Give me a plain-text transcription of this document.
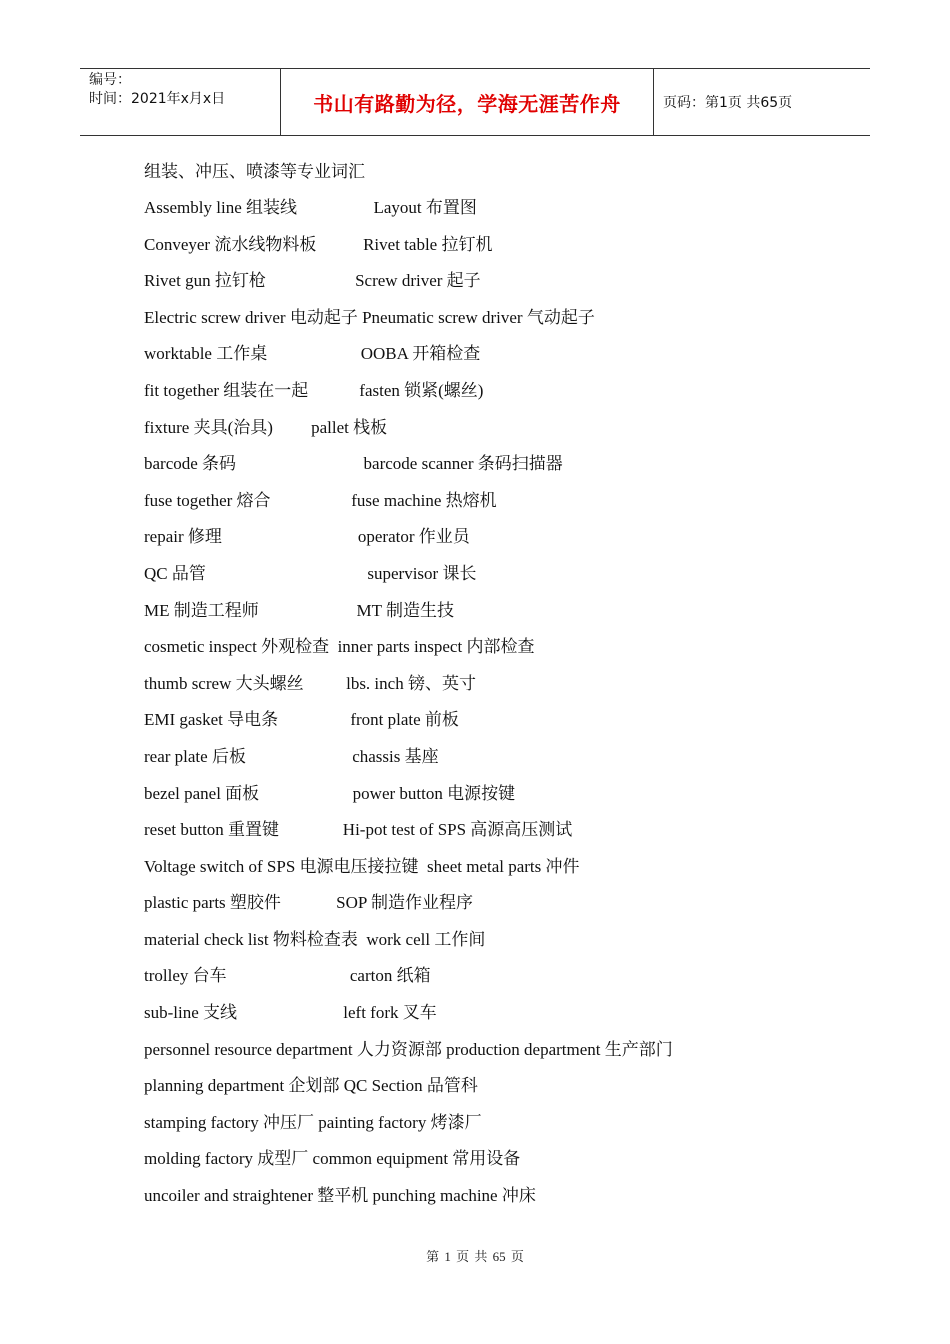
编号：
时间：2021年x月x日	书山有路勤为径，学海无涯苦作舟	页码：第1页 共65页
组装、冲压、喷漆等专业词汇
Assembly line 组装线                  Layout 布置图
Conveyer 流水线物料板           Rivet table 拉钉机
Rivet gun 拉钉枪                     Screw driver 起子
Electric screw driver 电动起子 Pneumatic screw driver 气动起子
worktable 工作桌                      OOBA 开箱检查
fit together 组装在一起            fasten 锁紧(螺丝)
fixture 夹具(治具)         pallet 栈板
barcode 条码                              barcode scanner 条码扫描器
fuse together 熔合                   fuse machine 热熔机
repair 修理                                operator 作业员
QC 品管                                      supervisor 课长
ME 制造工程师                       MT 制造生技
cosmetic inspect 外观检查  inner parts inspect 内部检查
thumb screw 大头螺丝          lbs. inch 镑、英寸
EMI gasket 导电条                 front plate 前板
rear plate 后板                         chassis 基座
bezel panel 面板                      power button 电源按键
reset button 重置键               Hi-pot test of SPS 高源高压测试
Voltage switch of SPS 电源电压接拉键  sheet metal parts 冲件
plastic parts 塑胶件             SOP 制造作业程序
material check list 物料检查表  work cell 工作间
trolley 台车                             carton 纸箱
sub-line 支线                         left fork 叉车
personnel resource department 人力资源部 production department 生产部门
planning department 企划部 QC Section 品管科
stamping factory 冲压厂 painting factory 烤漆厂
molding factory 成型厂 common equipment 常用设备
uncoiler and straightener 整平机 punching machine 冲床
第 1 页 共 65 页
